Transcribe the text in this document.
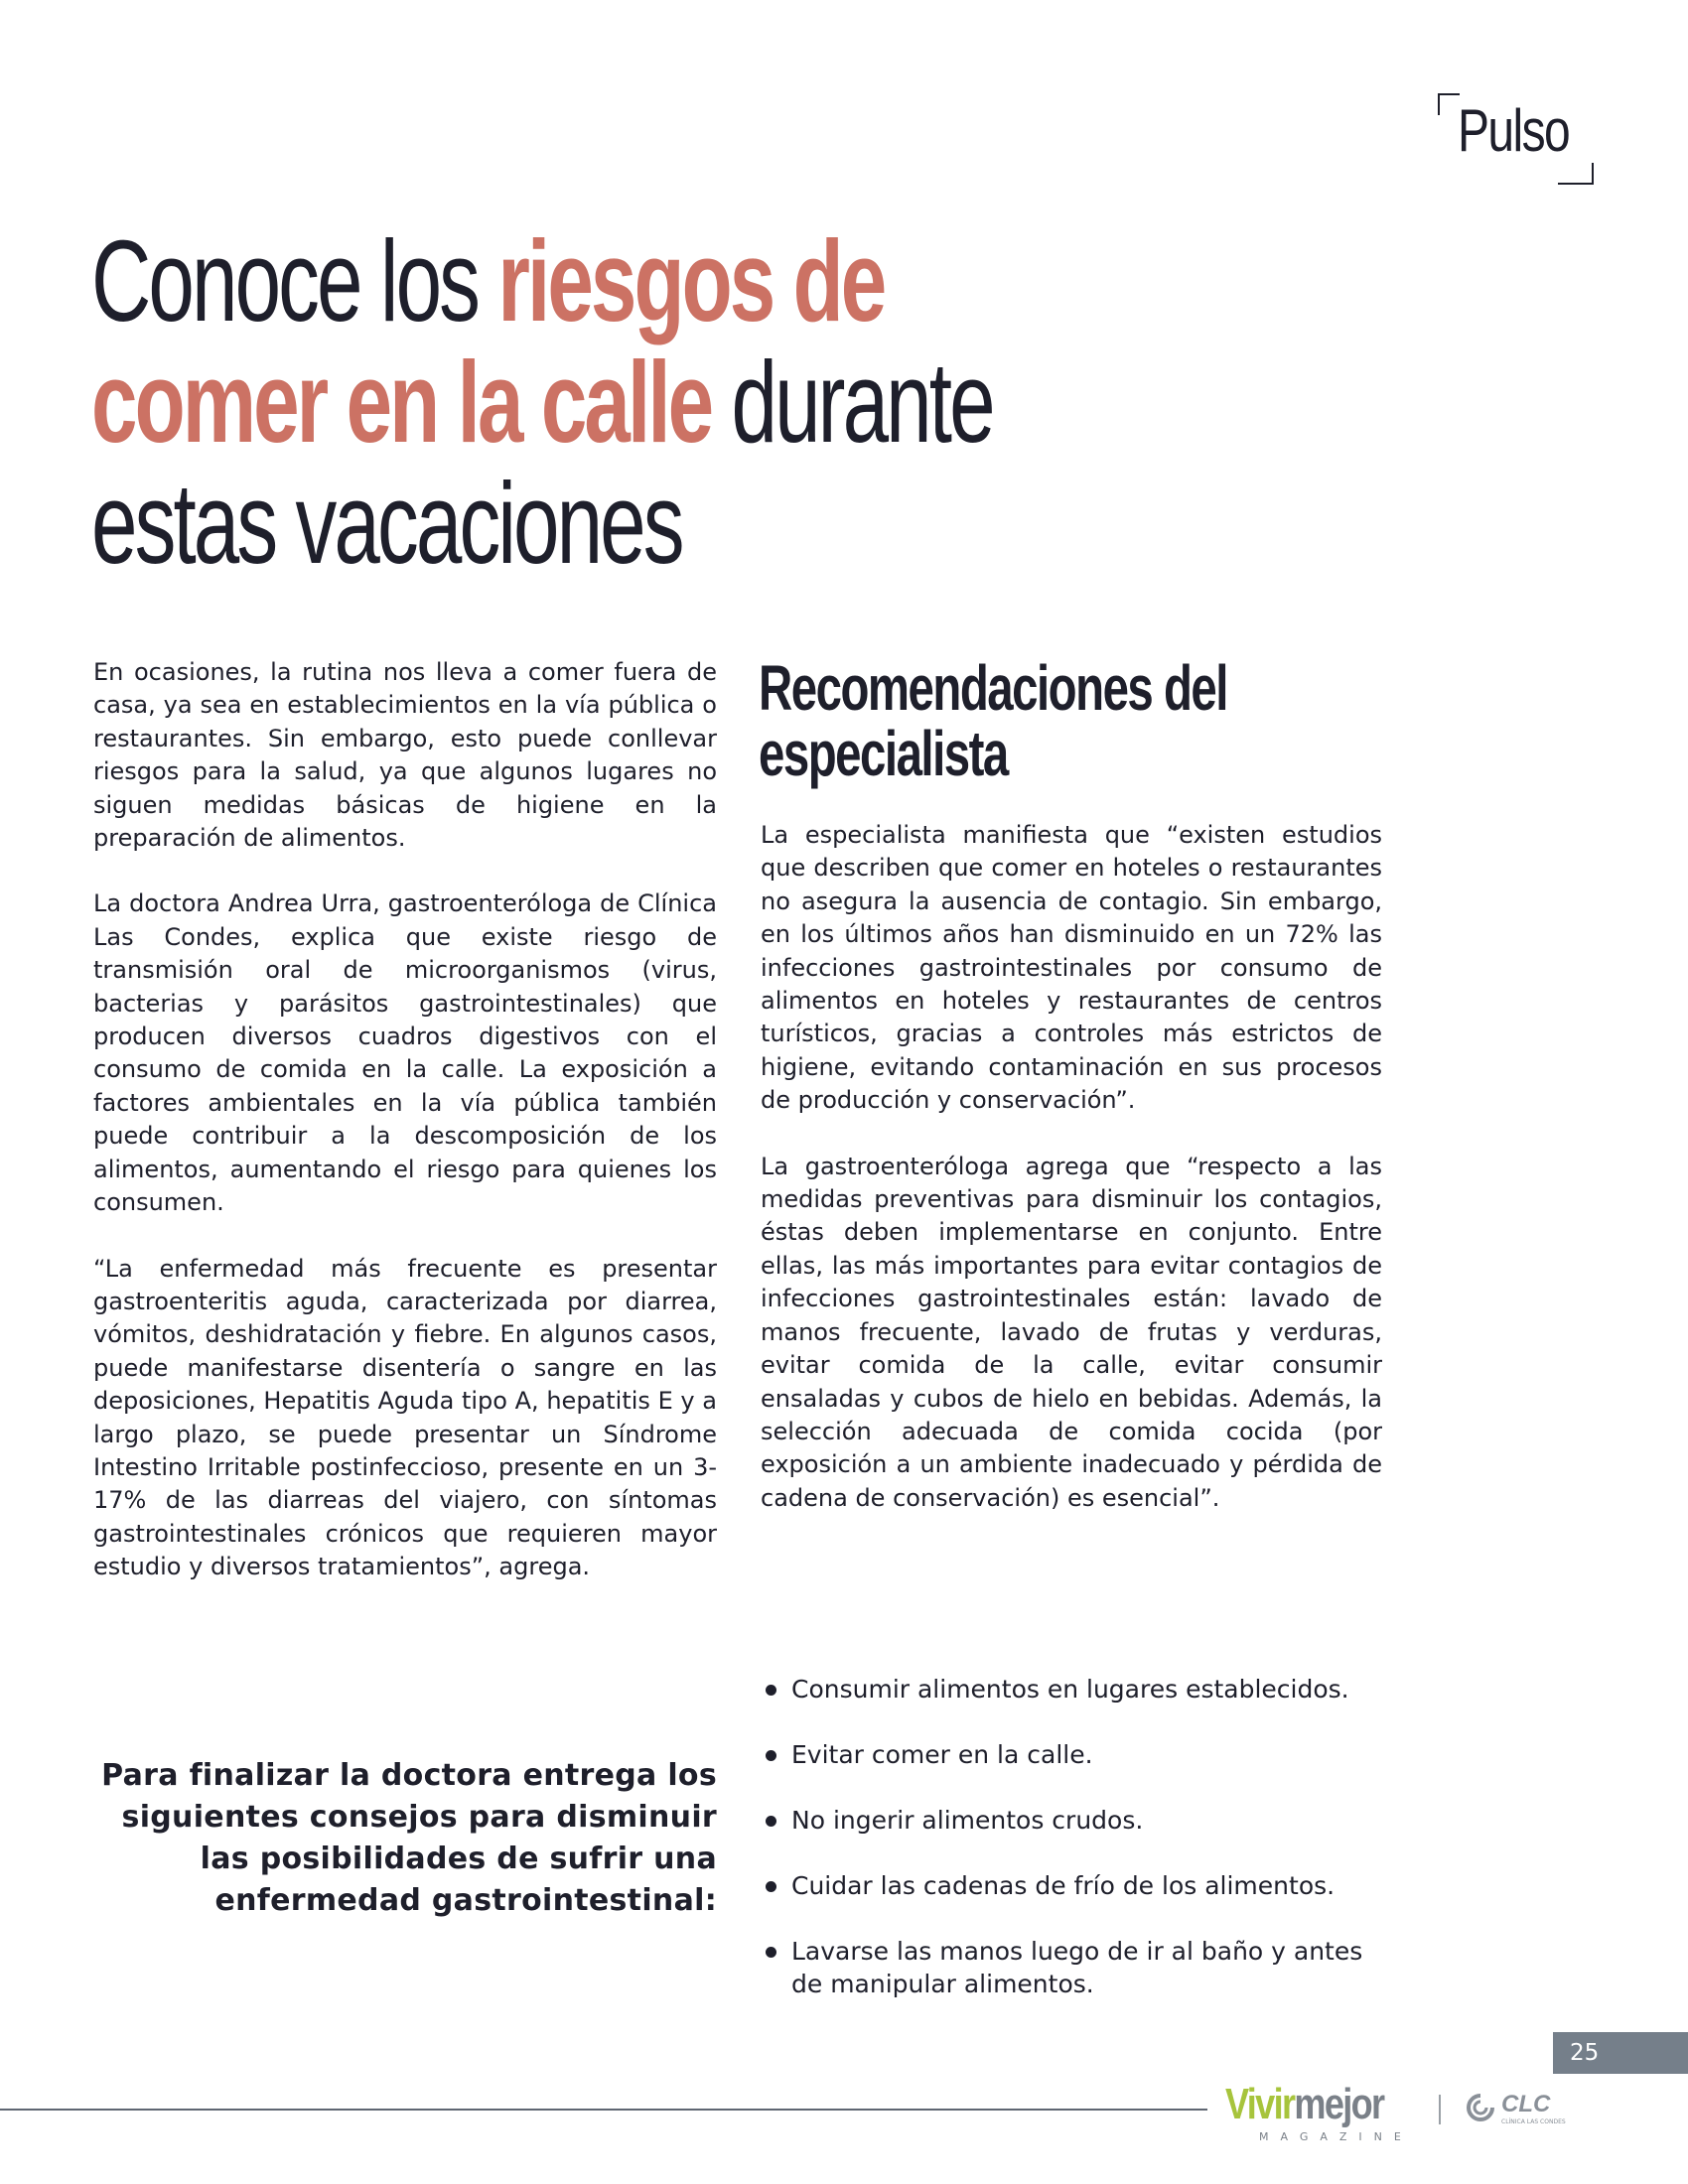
Pulso
Conoce los riesgos de
comer en la calle durante
estas vacaciones

En ocasiones, la rutina nos lleva a comer fuera de casa, ya sea en establecimientos en la vía pública o restaurantes. Sin embargo, esto puede conllevar riesgos para la salud, ya que algunos lugares no siguen medidas básicas de higiene en la preparación de alimentos.

La doctora Andrea Urra, gastroenteróloga de Clínica Las Condes, explica que existe riesgo de transmisión oral de microorganismos (virus, bacterias y parásitos gastrointestinales) que producen diversos cuadros digestivos con el consumo de comida en la calle. La exposición a factores ambientales en la vía pública también puede contribuir a la descomposición de los alimentos, aumentando el riesgo para quienes los consumen.

“La enfermedad más frecuente es presentar gastroenteritis aguda, caracterizada por diarrea, vómitos, deshidratación y fiebre. En algunos casos, puede manifestarse disentería o sangre en las deposiciones, Hepatitis Aguda tipo A, hepatitis E y a largo plazo, se puede presentar un Síndrome Intestino Irritable postinfeccioso, presente en un 3-17% de las diarreas del viajero, con síntomas gastrointestinales crónicos que requieren mayor estudio y diversos tratamientos”, agrega.

Recomendaciones del
especialista

La especialista manifiesta que “existen estudios que describen que comer en hoteles o restaurantes no asegura la ausencia de contagio. Sin embargo, en los últimos años han disminuido en un 72% las infecciones gastrointestinales por consumo de alimentos en hoteles y restaurantes de centros turísticos, gracias a controles más estrictos de higiene, evitando contaminación en sus procesos de producción y conservación”.

La gastroenteróloga agrega que “respecto a las medidas preventivas para disminuir los contagios, éstas deben implementarse en conjunto. Entre ellas, las más importantes para evitar contagios de infecciones gastrointestinales están: lavado de manos frecuente, lavado de frutas y verduras, evitar comida de la calle, evitar consumir ensaladas y cubos de hielo en bebidas. Además, la selección adecuada de comida cocida (por exposición a un ambiente inadecuado y pérdida de cadena de conservación) es esencial”.

Para finalizar la doctora entrega los siguientes consejos para disminuir las posibilidades de sufrir una enfermedad gastrointestinal:
Consumir alimentos en lugares establecidos.
Evitar comer en la calle.
No ingerir alimentos crudos.
Cuidar las cadenas de frío de los alimentos.
Lavarse las manos luego de ir al baño y antes de manipular alimentos.
25
Vivirmejor
MAGAZINE
CLC
CLÍNICA LAS CONDES
